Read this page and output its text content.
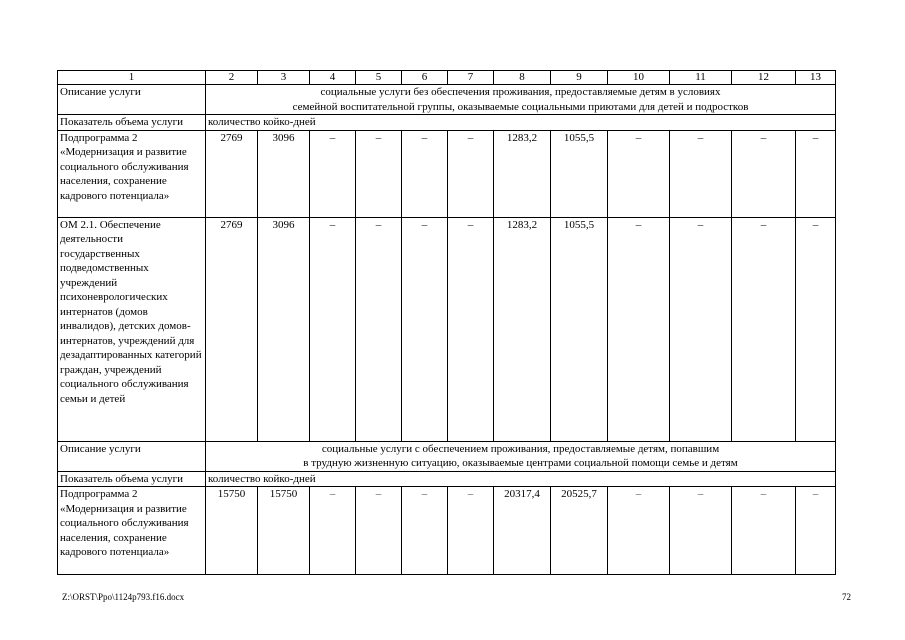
1	2	3	4	5	6	7	8	9	10	11	12	13
Описание услуги	социальные услуги без обеспечения проживания, предоставляемые детям в условиях
семейной воспитательной группы, оказываемые социальными приютами для детей и подростков											

Показатель объема услуги	количество койко-дней											
Подпрограмма 2 «Модернизация и развитие социального обслуживания населения, сохранение кадрового потенциала»	2769	3096	–	–	–	–	1283,2	1055,5	–	–	–	–
ОМ 2.1. Обеспечение деятельности государственных подведомственных учреждений психоневрологических интернатов (домов инвалидов), детских домов-интернатов, учреждений для дезадаптированных категорий граждан, учреждений социального обслуживания семьи и детей	2769	3096	–	–	–	–	1283,2	1055,5	–	–	–	–
Описание услуги	социальные услуги с обеспечением проживания, предоставляемые детям, попавшим
в трудную жизненную ситуацию, оказываемые центрами социальной помощи семье и детям											

Показатель объема услуги	количество койко-дней											
Подпрограмма 2 «Модернизация и развитие социального обслуживания населения, сохранение кадрового потенциала»	15750	15750	–	–	–	–	20317,4	20525,7	–	–	–	–
Z:\ORST\Ppo\1124p793.f16.docx	72
